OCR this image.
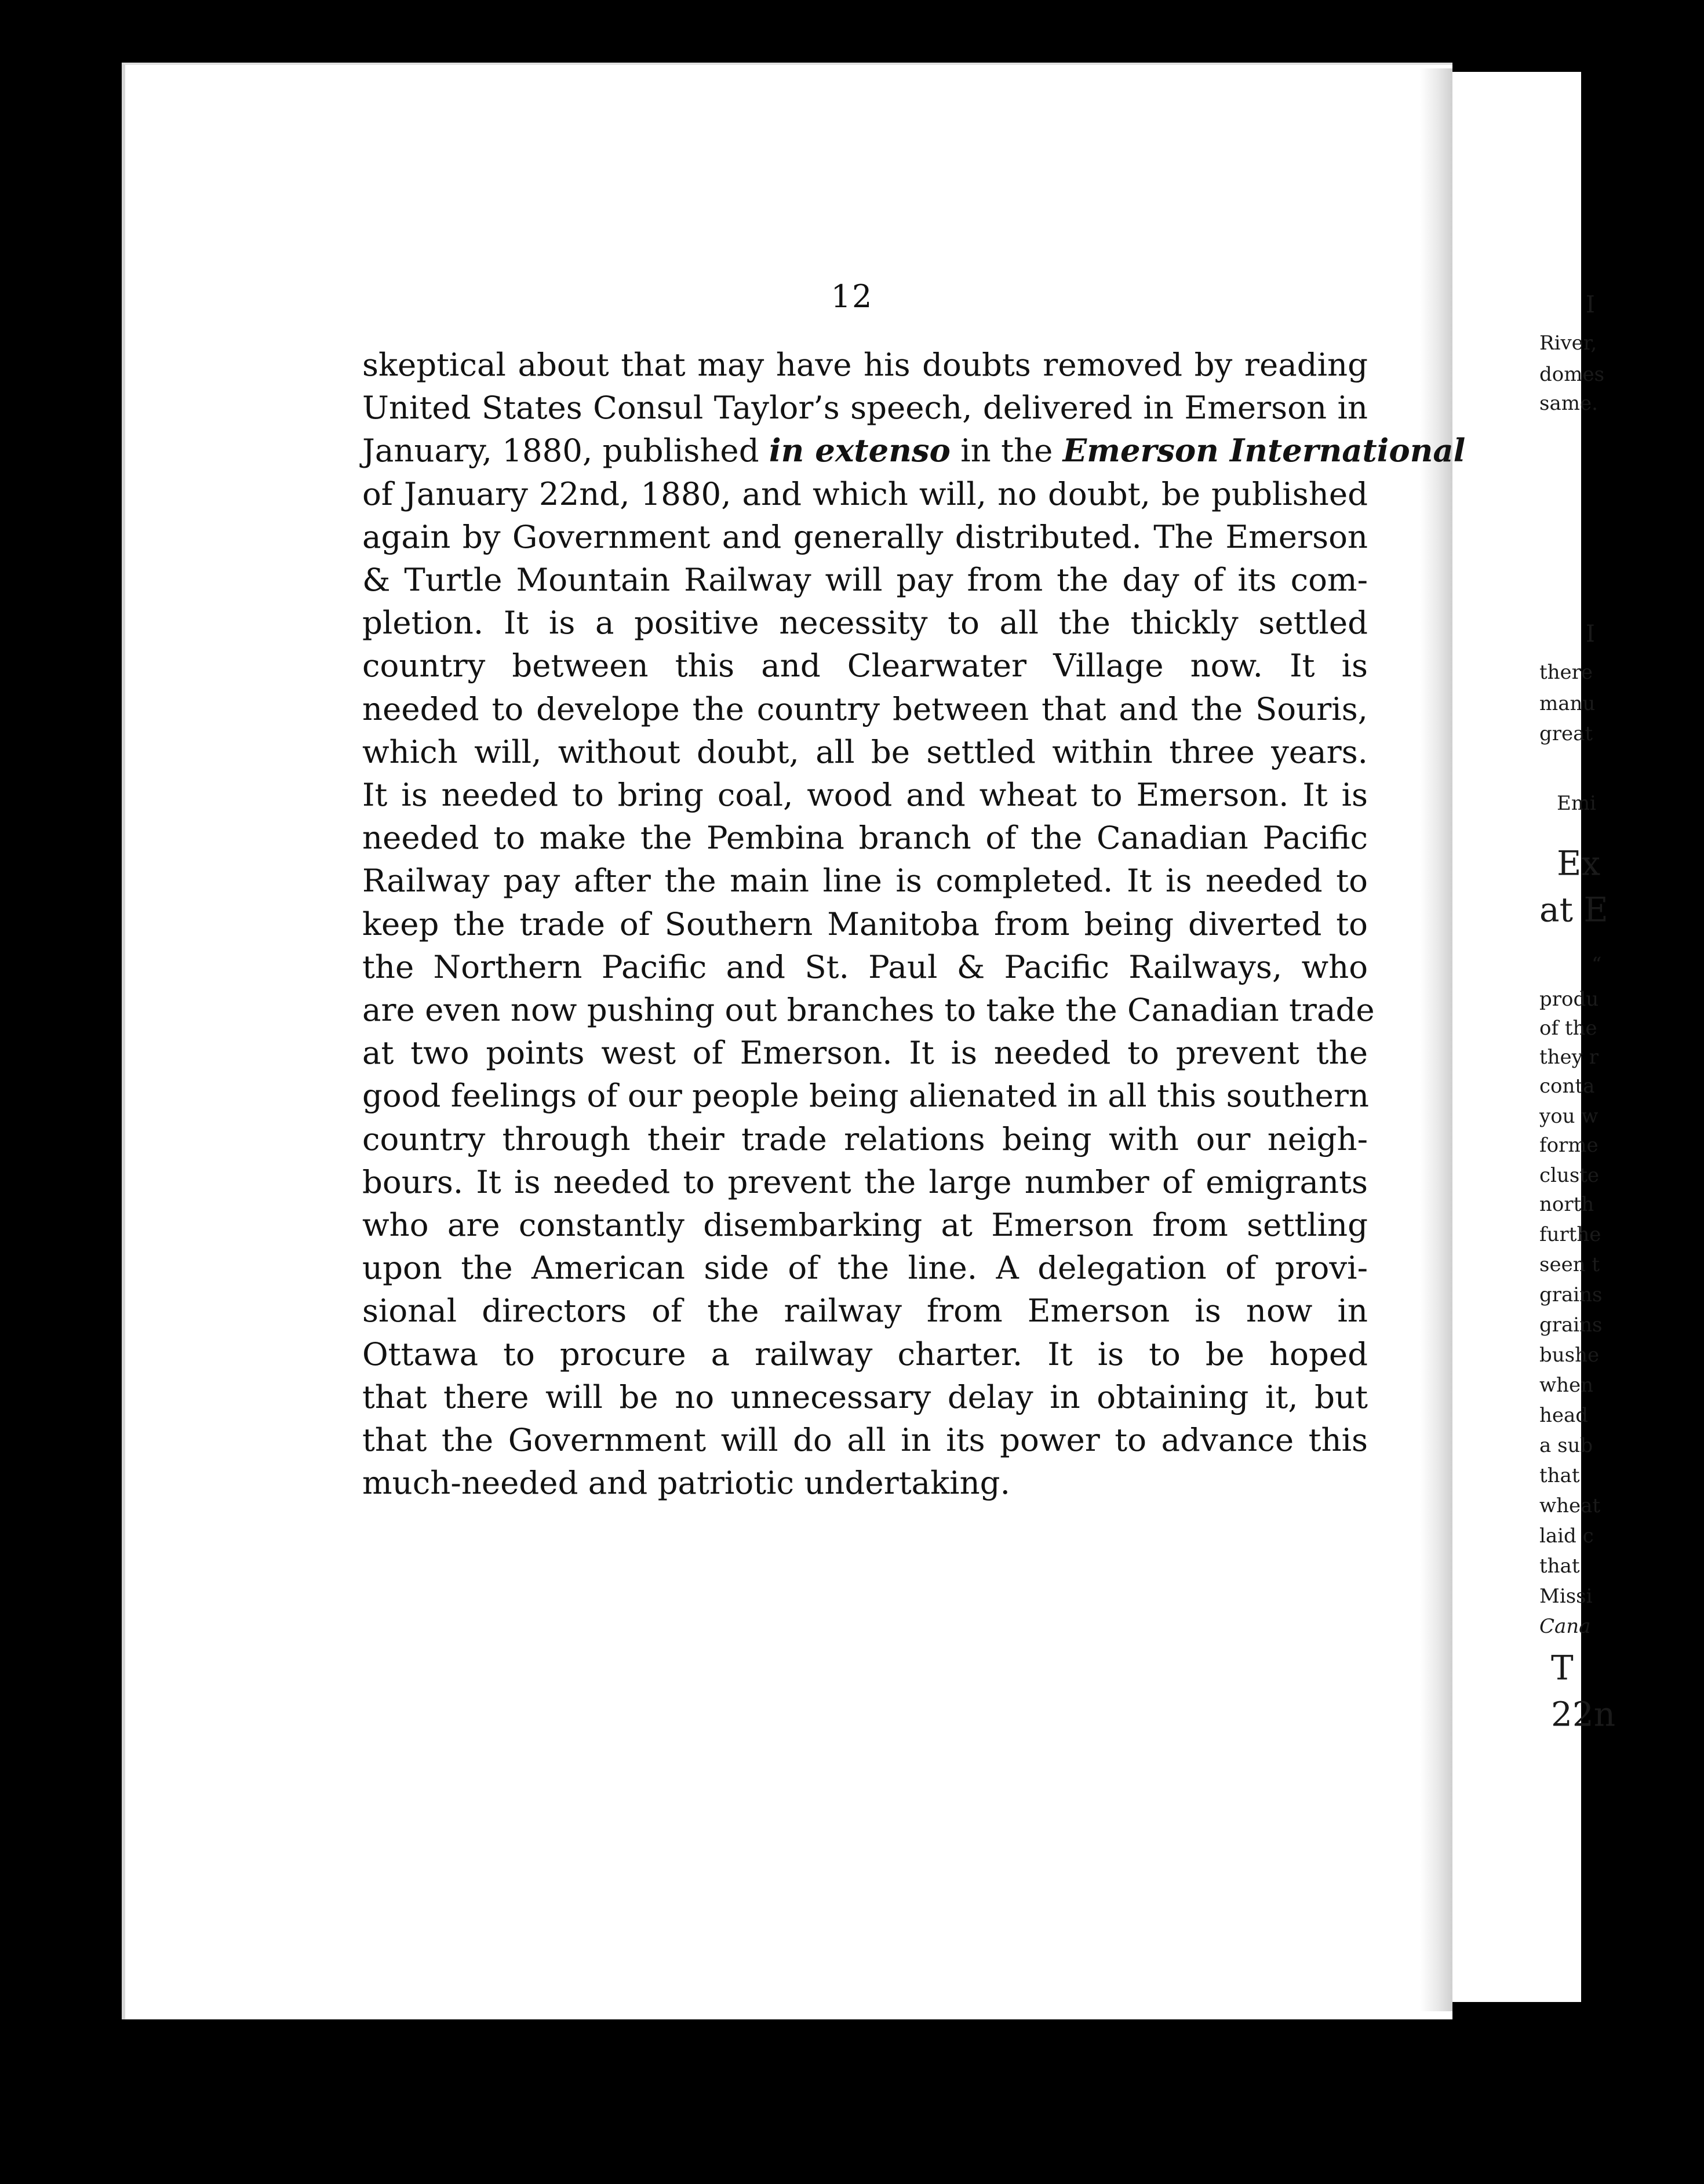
I
River,
domes
same.
I
there
manu
great
Emi
Ex
at E
“
produ
of the
they r
conta
you w
forme
cluste
north
furthe
seen t
grains
grains
bushe
when
head
a sub
that
wheat
laid c
that
Missi
Cana
T
22n
12
skeptical about that may have his doubts removed by reading
United States Consul Taylor’s speech, delivered in Emerson in
January, 1880, published in extenso in the Emerson International
of January 22nd, 1880, and which will, no doubt, be published
again by Government and generally distributed. The Emerson
& Turtle Mountain Railway will pay from the day of its com-
pletion. It is a positive necessity to all the thickly settled
country between this and Clearwater Village now. It is
needed to develope the country between that and the Souris,
which will, without doubt, all be settled within three years.
It is needed to bring coal, wood and wheat to Emerson. It is
needed to make the Pembina branch of the Canadian Pacific
Railway pay after the main line is completed. It is needed to
keep the trade of Southern Manitoba from being diverted to
the Northern Pacific and St. Paul & Pacific Railways, who
are even now pushing out branches to take the Canadian trade
at two points west of Emerson. It is needed to prevent the
good feelings of our people being alienated in all this southern
country through their trade relations being with our neigh-
bours. It is needed to prevent the large number of emigrants
who are constantly disembarking at Emerson from settling
upon the American side of the line. A delegation of provi-
sional directors of the railway from Emerson is now in
Ottawa to procure a railway charter. It is to be hoped
that there will be no unnecessary delay in obtaining it, but
that the Government will do all in its power to advance this
much-needed and patriotic undertaking.
